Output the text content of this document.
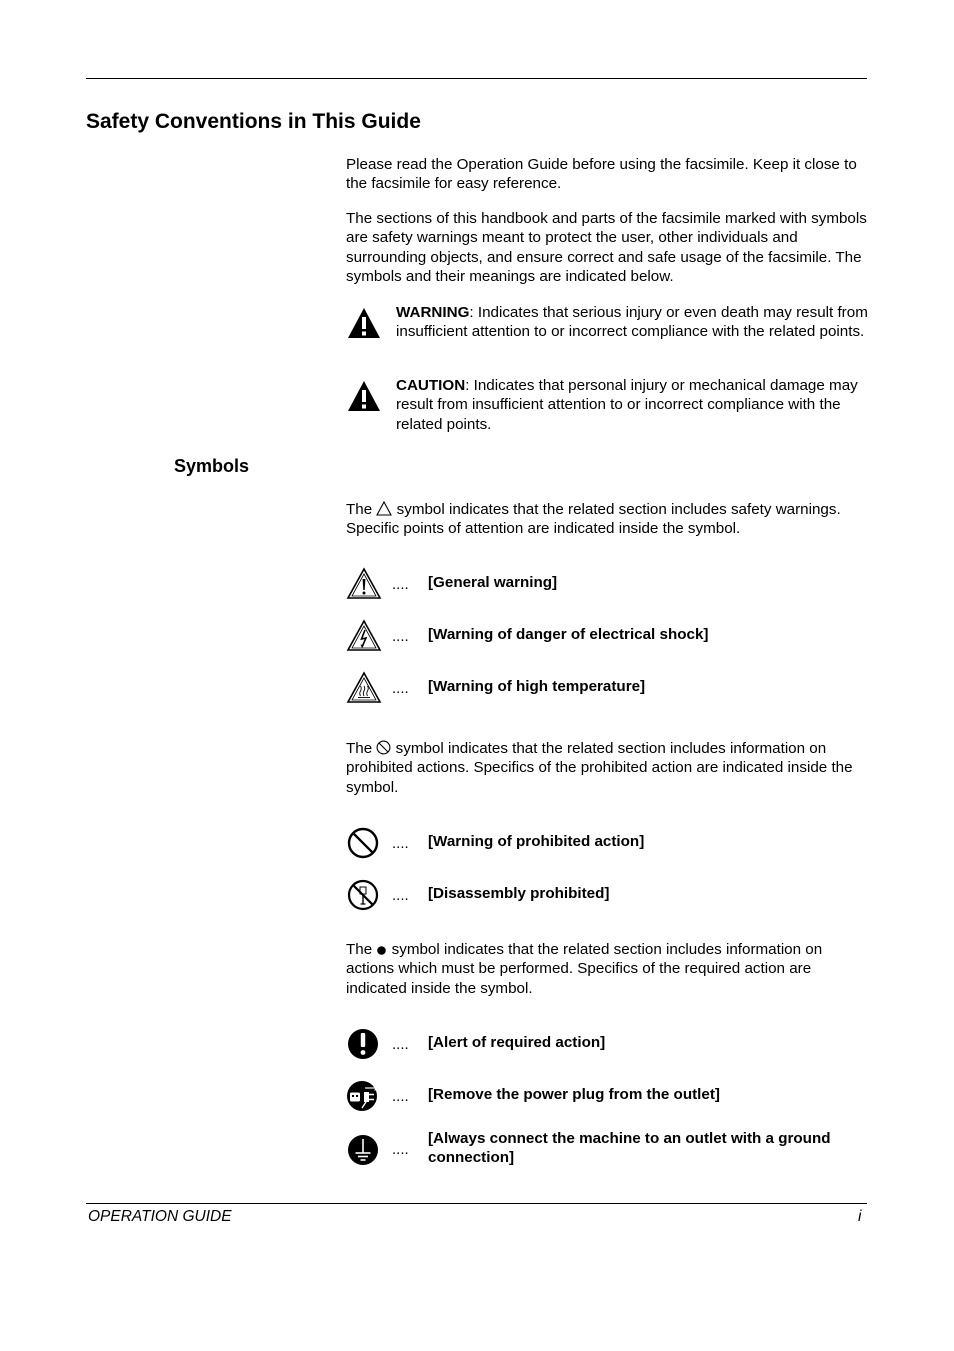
Safety Conventions in This Guide

Please read the Operation Guide before using the facsimile. Keep it close to the facsimile for easy reference.

The sections of this handbook and parts of the facsimile marked with symbols are safety warnings meant to protect the user, other individuals and surrounding objects, and ensure correct and safe usage of the facsimile. The symbols and their meanings are indicated below.

WARNING: Indicates that serious injury or even death may result from insufficient attention to or incorrect compliance with the related points.

CAUTION: Indicates that personal injury or mechanical damage may result from insufficient attention to or incorrect compliance with the related points.

Symbols

The symbol indicates that the related section includes safety warnings. Specific points of attention are indicated inside the symbol.

.... [General warning]
.... [Warning of danger of electrical shock]
.... [Warning of high temperature]

The symbol indicates that the related section includes information on prohibited actions. Specifics of the prohibited action are indicated inside the symbol.

.... [Warning of prohibited action]
.... [Disassembly prohibited]

The symbol indicates that the related section includes information on actions which must be performed. Specifics of the required action are indicated inside the symbol.

.... [Alert of required action]
.... [Remove the power plug from the outlet]
....
[Always connect the machine to an outlet with a ground connection]
OPERATION GUIDE	i
